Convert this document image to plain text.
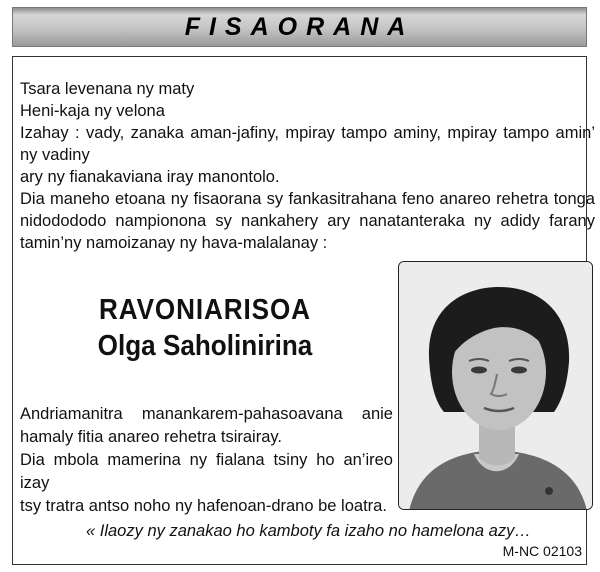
FISAORANA

Tsara levenana ny maty

Heni-kaja ny velona

Izahay : vady, zanaka aman-jafiny, mpiray tampo aminy, mpiray tampo amin’

ny vadiny

ary ny fianakaviana iray manontolo.

Dia maneho etoana ny fisaorana sy fankasitrahana feno anareo rehetra tonga

nidodododo nampionona sy nankahery ary nanatanteraka ny adidy farany

tamin’ny namoizanay ny hava-malalanay :

RAVONIARISOA
Olga Saholinirina

Andriamanitra manankarem-pahasoavana anie

hamaly fitia anareo rehetra tsirairay.

Dia mbola mamerina ny fialana tsiny ho an’ireo izay

tsy tratra antso noho ny hafenoan-drano be loatra.

« Ilaozy ny zanakao ho kamboty fa izaho no hamelona azy…
M-NC 02103
